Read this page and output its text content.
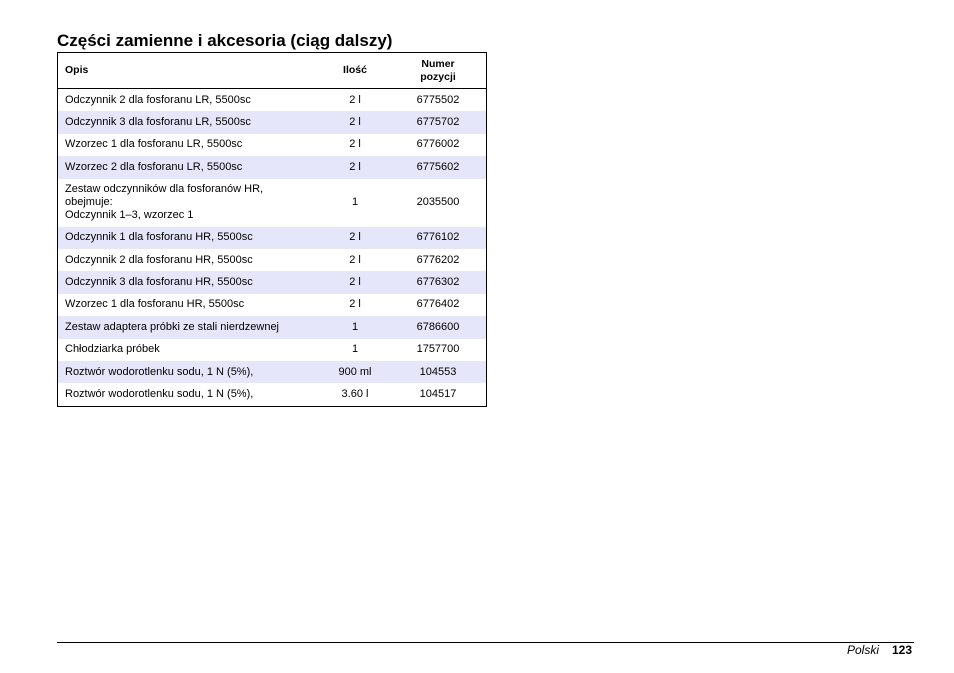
Części zamienne i akcesoria (ciąg dalszy)
Opis	Ilość	Numer
pozycji
Odczynnik 2 dla fosforanu LR, 5500sc	2 l	6775502
Odczynnik 3 dla fosforanu LR, 5500sc	2 l	6775702
Wzorzec 1 dla fosforanu LR, 5500sc	2 l	6776002
Wzorzec 2 dla fosforanu LR, 5500sc	2 l	6775602
Zestaw odczynników dla fosforanów HR,
obejmuje:
Odczynnik 1–3, wzorzec 1	1	2035500
Odczynnik 1 dla fosforanu HR, 5500sc	2 l	6776102
Odczynnik 2 dla fosforanu HR, 5500sc	2 l	6776202
Odczynnik 3 dla fosforanu HR, 5500sc	2 l	6776302
Wzorzec 1 dla fosforanu HR, 5500sc	2 l	6776402
Zestaw adaptera próbki ze stali nierdzewnej	1	6786600
Chłodziarka próbek	1	1757700
Roztwór wodorotlenku sodu, 1 N (5%),	900 ml	104553
Roztwór wodorotlenku sodu, 1 N (5%),	3.60 l	104517
Polski 123
